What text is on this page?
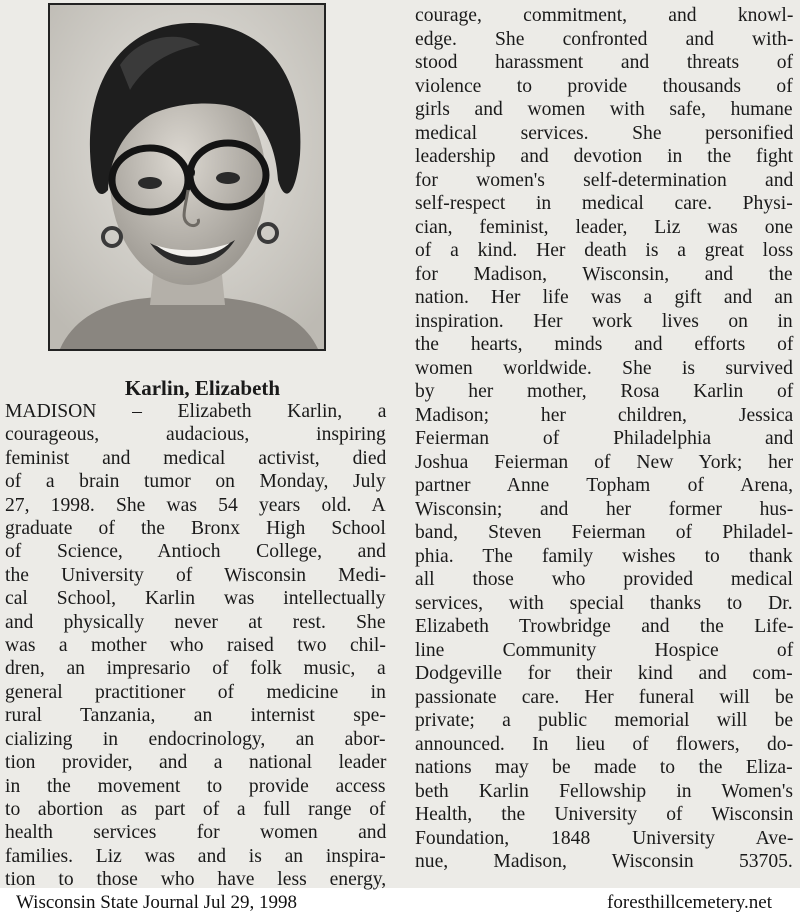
Karlin, Elizabeth
MADISON – Elizabeth Karlin, a
courageous, audacious, inspiring
feminist and medical activist, died
of a brain tumor on Monday, July
27, 1998. She was 54 years old. A
graduate of the Bronx High School
of Science, Antioch College, and
the University of Wisconsin Medi-
cal School, Karlin was intellectually
and physically never at rest. She
was a mother who raised two chil-
dren, an impresario of folk music, a
general practitioner of medicine in
rural Tanzania, an internist spe-
cializing in endocrinology, an abor-
tion provider, and a national leader
in the movement to provide access
to abortion as part of a full range of
health services for women and
families. Liz was and is an inspira-
tion to those who have less energy,
courage, commitment, and knowl-
edge. She confronted and with-
stood harassment and threats of
violence to provide thousands of
girls and women with safe, humane
medical services. She personified
leadership and devotion in the fight
for women's self-determination and
self-respect in medical care. Physi-
cian, feminist, leader, Liz was one
of a kind. Her death is a great loss
for Madison, Wisconsin, and the
nation. Her life was a gift and an
inspiration. Her work lives on in
the hearts, minds and efforts of
women worldwide. She is survived
by her mother, Rosa Karlin of
Madison; her children, Jessica
Feierman of Philadelphia and
Joshua Feierman of New York; her
partner Anne Topham of Arena,
Wisconsin; and her former hus-
band, Steven Feierman of Philadel-
phia. The family wishes to thank
all those who provided medical
services, with special thanks to Dr.
Elizabeth Trowbridge and the Life-
line Community Hospice of
Dodgeville for their kind and com-
passionate care. Her funeral will be
private; a public memorial will be
announced. In lieu of flowers, do-
nations may be made to the Eliza-
beth Karlin Fellowship in Women's
Health, the University of Wisconsin
Foundation, 1848 University Ave-
nue, Madison, Wisconsin 53705.
Wisconsin State Journal Jul 29, 1998	foresthillcemetery.net
